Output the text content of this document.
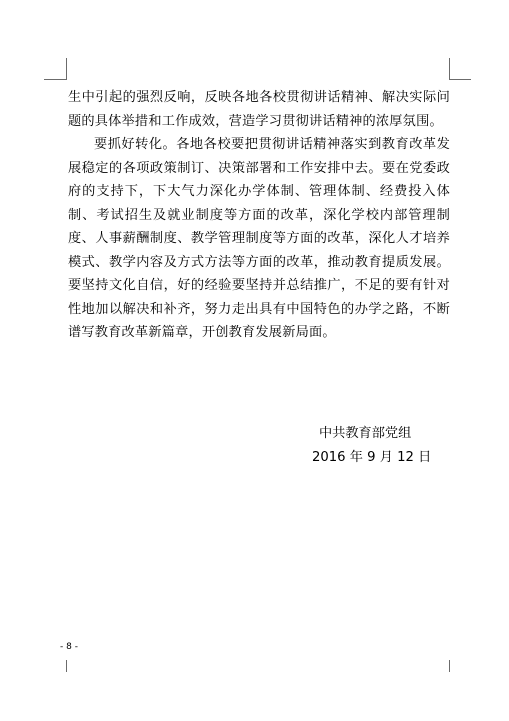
生中引起的强烈反响，反映各地各校贯彻讲话精神、解决实际问题的具体举措和工作成效，营造学习贯彻讲话精神的浓厚氛围。

要抓好转化。各地各校要把贯彻讲话精神落实到教育改革发展稳定的各项政策制订、决策部署和工作安排中去。要在党委政府的支持下，下大气力深化办学体制、管理体制、经费投入体制、考试招生及就业制度等方面的改革，深化学校内部管理制度、人事薪酬制度、教学管理制度等方面的改革，深化人才培养模式、教学内容及方式方法等方面的改革，推动教育提质发展。要坚持文化自信，好的经验要坚持并总结推广，不足的要有针对性地加以解决和补齐，努力走出具有中国特色的办学之路，不断谱写教育改革新篇章，开创教育发展新局面。

中共教育部党组
2016 年 9 月 12 日
- 8 -
